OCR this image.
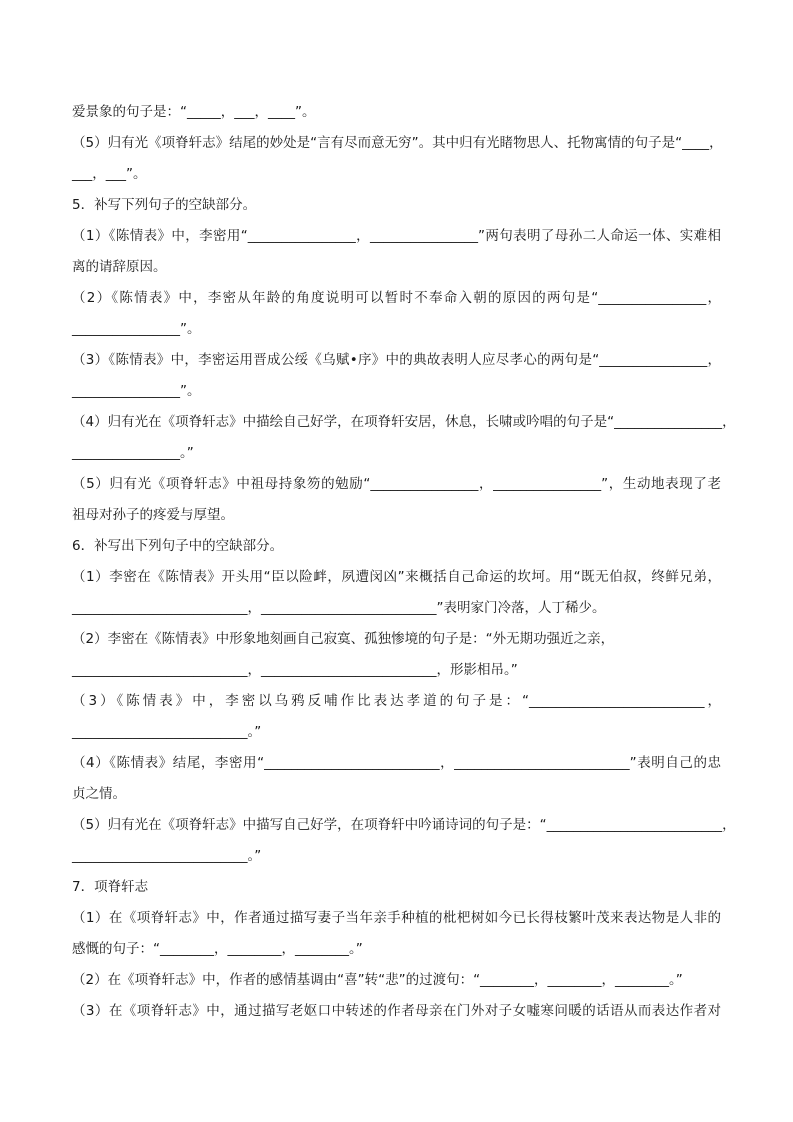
爱景象的句子是：“_____，___，____”。
（5）归有光《项脊轩志》结尾的妙处是“言有尽而意无穷”。其中归有光睹物思人、托物寓情的句子是“____，
___，___”。
5．补写下列句子的空缺部分。
（1）《陈情表》中，李密用“________________，________________”两句表明了母孙二人命运一体、实难相
离的请辞原因。
（2）《陈情表》中，李密从年龄的角度说明可以暂时不奉命入朝的原因的两句是“________________，
________________”。
（3）《陈情表》中，李密运用晋成公绥《乌赋•序》中的典故表明人应尽孝心的两句是“________________，
________________”。
（4）归有光在《项脊轩志》中描绘自己好学，在项脊轩安居，休息，长啸或吟唱的句子是“________________，
________________。”
（5）归有光《项脊轩志》中祖母持象笏的勉励“________________，________________”，生动地表现了老
祖母对孙子的疼爱与厚望。
6．补写出下列句子中的空缺部分。
（1）李密在《陈情表》开头用“臣以险衅，夙遭闵凶”来概括自己命运的坎坷。用“既无伯叔，终鲜兄弟，
__________________________，__________________________”表明家门冷落，人丁稀少。
（2）李密在《陈情表》中形象地刻画自己寂寞、孤独惨境的句子是：“外无期功强近之亲，
__________________________，__________________________，形影相吊。”
（3）《陈情表》中，李密以乌鸦反哺作比表达孝道的句子是：“__________________________，
__________________________。”
（4）《陈情表》结尾，李密用“__________________________，__________________________”表明自己的忠
贞之情。
（5）归有光在《项脊轩志》中描写自己好学，在项脊轩中吟诵诗词的句子是：“__________________________，
__________________________。”
7．项脊轩志
（1）在《项脊轩志》中，作者通过描写妻子当年亲手种植的枇杷树如今已长得枝繁叶茂来表达物是人非的
感慨的句子：“________，________，________。”
（2）在《项脊轩志》中，作者的感情基调由“喜”转“悲”的过渡句：“________，________，________。”
（3）在《项脊轩志》中，通过描写老妪口中转述的作者母亲在门外对子女嘘寒问暖的话语从而表达作者对
